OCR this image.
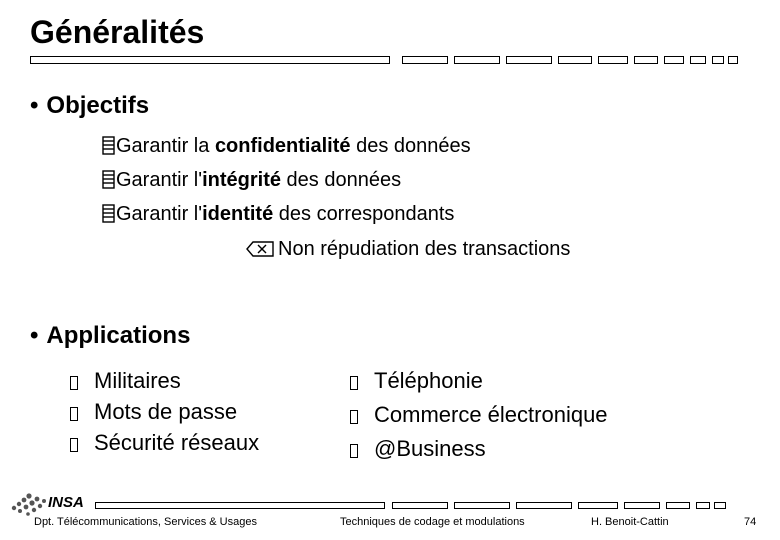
Généralités
• Objectifs
Garantir la confidentialité des données
Garantir l'intégrité des données
Garantir l'identité des correspondants
Non répudiation des transactions
• Applications
Militaires
Mots de passe
Sécurité réseaux
Téléphonie
Commerce électronique
@Business
INSA
Dpt. Télécommunications, Services & Usages	Techniques de codage et modulations	H. Benoit-Cattin	74
